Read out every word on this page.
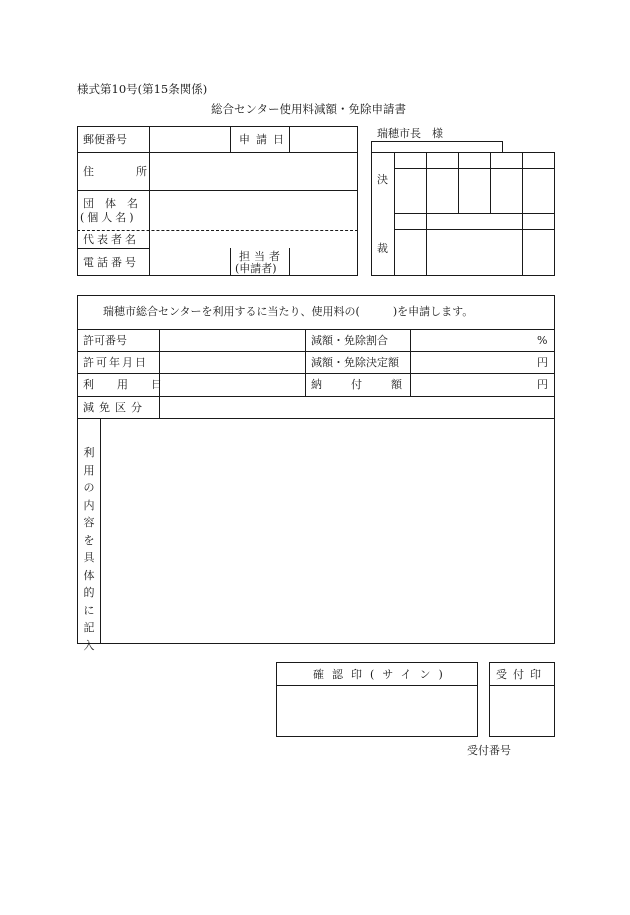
様式第10号(第15条関係)
総合センター使用料減額・免除申請書
郵便番号	申請日
住所
団体名
(個人名)
代表者名
電話番号	担当者
(申請者)
瑞穂市長　様
決
裁
瑞穂市総合センターを利用するに当たり、使用料の(　　　)を申請します。
許可番号	減額・免除割合	%
許可年月日	減額・免除決定額	円
利用日	納付額	円
減免区分
利
用
の
内
容
を
具
体
的
に
記
入
確認印(サイン)	受付印
受付番号
